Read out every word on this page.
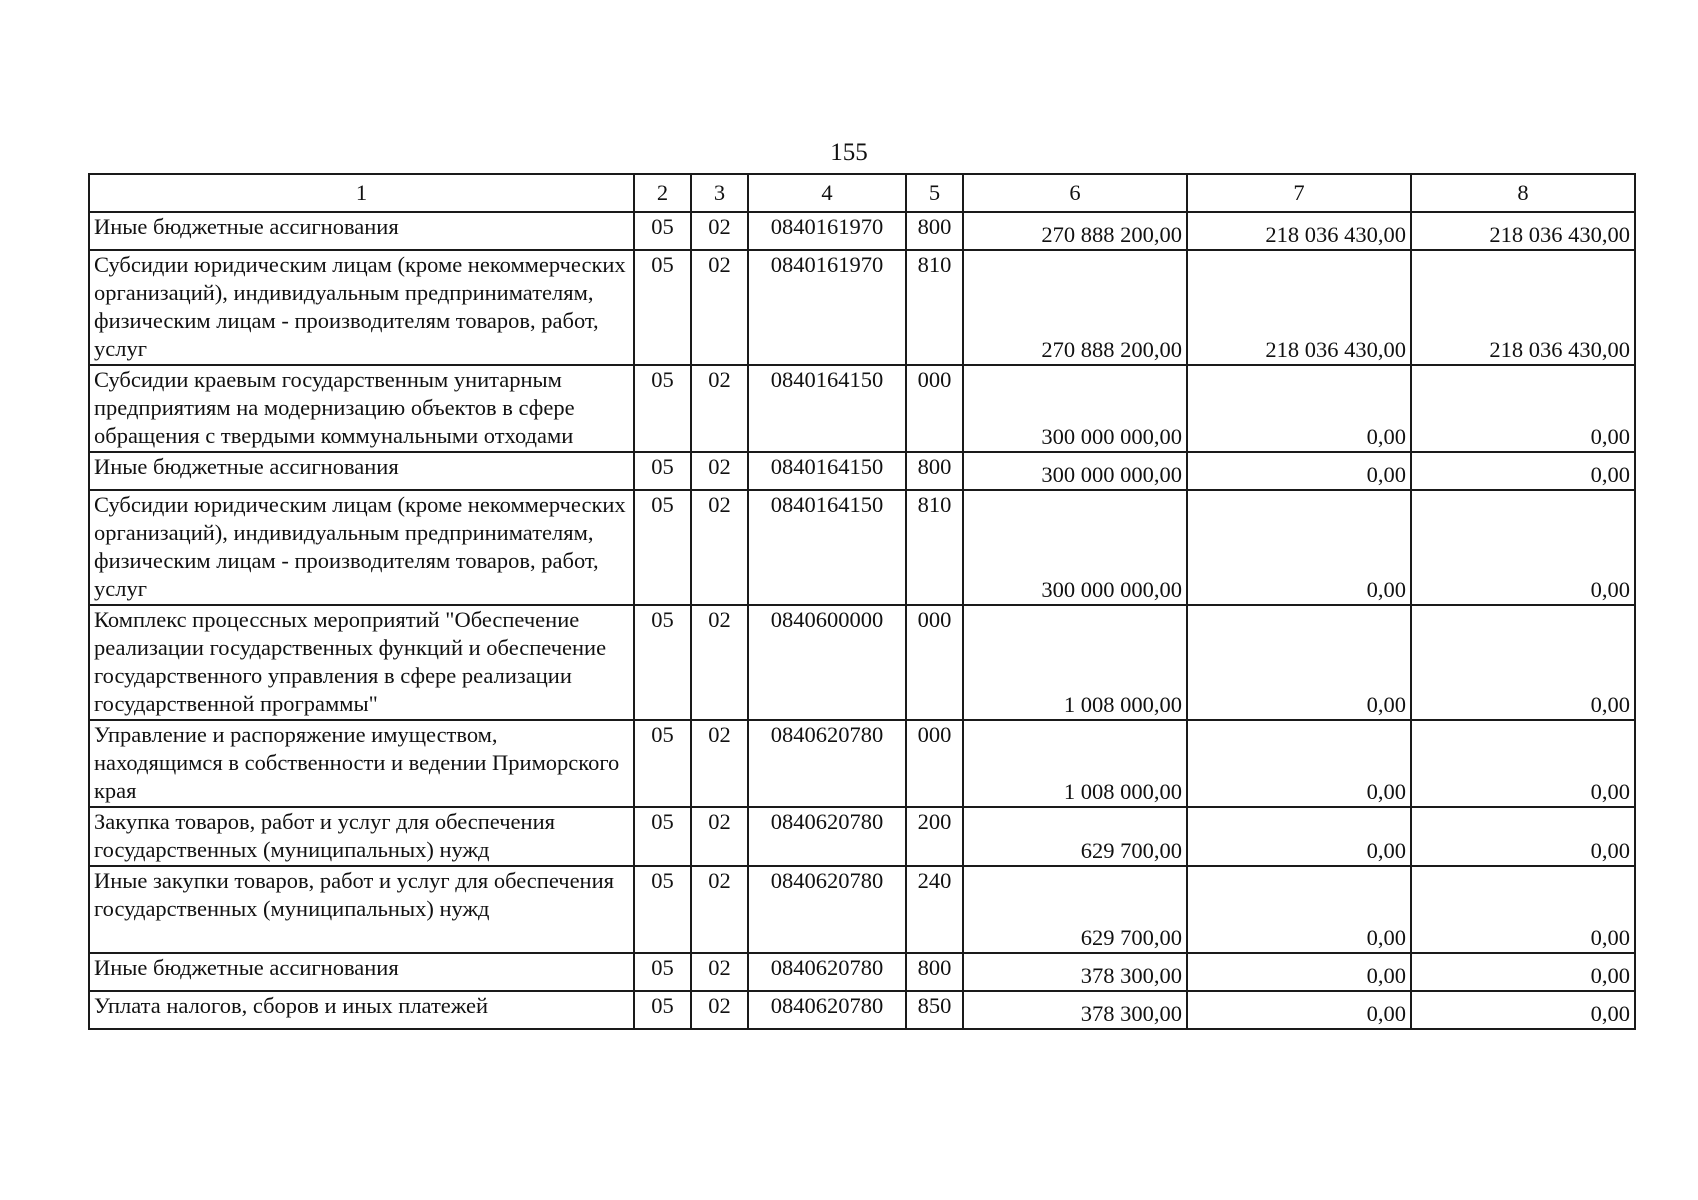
155
1	2	3	4	5	6	7	8
Иные бюджетные ассигнования	05	02	0840161970	800	270 888 200,00	218 036 430,00	218 036 430,00
Субсидии юридическим лицам (кроме некоммерческих организаций), индивидуальным предпринимателям, физическим лицам - производителям товаров, работ, услуг	05	02	0840161970	810	270 888 200,00	218 036 430,00	218 036 430,00
Субсидии краевым государственным унитарным предприятиям на модернизацию объектов в сфере обращения с твердыми коммунальными отходами	05	02	0840164150	000	300 000 000,00	0,00	0,00
Иные бюджетные ассигнования	05	02	0840164150	800	300 000 000,00	0,00	0,00
Субсидии юридическим лицам (кроме некоммерческих организаций), индивидуальным предпринимателям, физическим лицам - производителям товаров, работ, услуг	05	02	0840164150	810	300 000 000,00	0,00	0,00
Комплекс процессных мероприятий "Обеспечение реализации государственных функций и обеспечение государственного управления в сфере реализации государственной программы"	05	02	0840600000	000	1 008 000,00	0,00	0,00
Управление и распоряжение имуществом, находящимся в собственности и ведении Приморского края	05	02	0840620780	000	1 008 000,00	0,00	0,00
Закупка товаров, работ и услуг для обеспечения государственных (муниципальных) нужд	05	02	0840620780	200	629 700,00	0,00	0,00
Иные закупки товаров, работ и услуг для обеспечения государственных (муниципальных) нужд	05	02	0840620780	240	629 700,00	0,00	0,00
Иные бюджетные ассигнования	05	02	0840620780	800	378 300,00	0,00	0,00
Уплата налогов, сборов и иных платежей	05	02	0840620780	850	378 300,00	0,00	0,00
